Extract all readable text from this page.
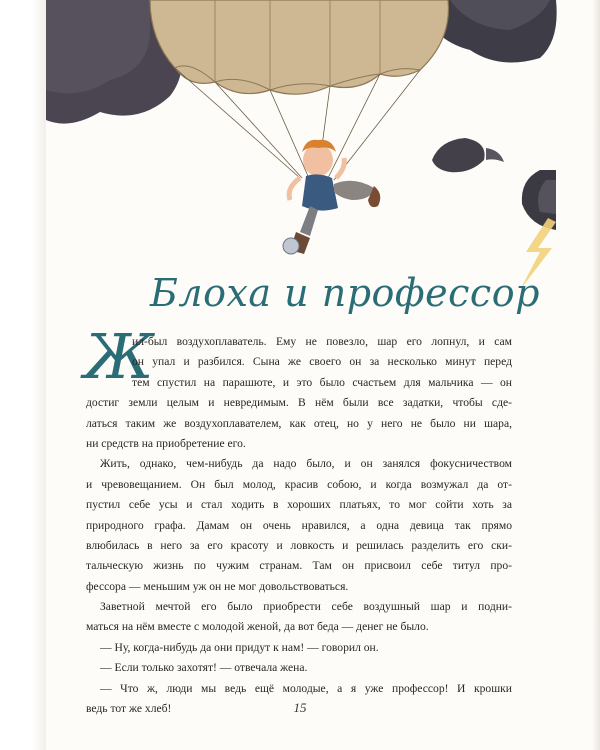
Блоха и профессор
Ж
ил-был воздухоплаватель. Ему не повезло, шар его лопнул, и сам
он упал и разбился. Сына же своего он за несколько минут перед
тем спустил на парашюте, и это было счастьем для мальчика — он
достиг земли целым и невредимым. В нём были все задатки, чтобы сде-
латься таким же воздухоплавателем, как отец, но у него не было ни шара,
ни средств на приобретение его.
Жить, однако, чем-нибудь да надо было, и он занялся фокусничеством
и чревовещанием. Он был молод, красив собою, и когда возмужал да от-
пустил себе усы и стал ходить в хороших платьях, то мог сойти хоть за
природного графа. Дамам он очень нравился, а одна девица так прямо
влюбилась в него за его красоту и ловкость и решилась разделить его ски-
тальческую жизнь по чужим странам. Там он присвоил себе титул про-
фессора — меньшим уж он не мог довольствоваться.
Заветной мечтой его было приобрести себе воздушный шар и подни-
маться на нём вместе с молодой женой, да вот беда — денег не было.
— Ну, когда-нибудь да они придут к нам! — говорил он.
— Если только захотят! — отвечала жена.
— Что ж, люди мы ведь ещё молодые, а я уже профессор! И крошки
ведь тот же хлеб!	15
